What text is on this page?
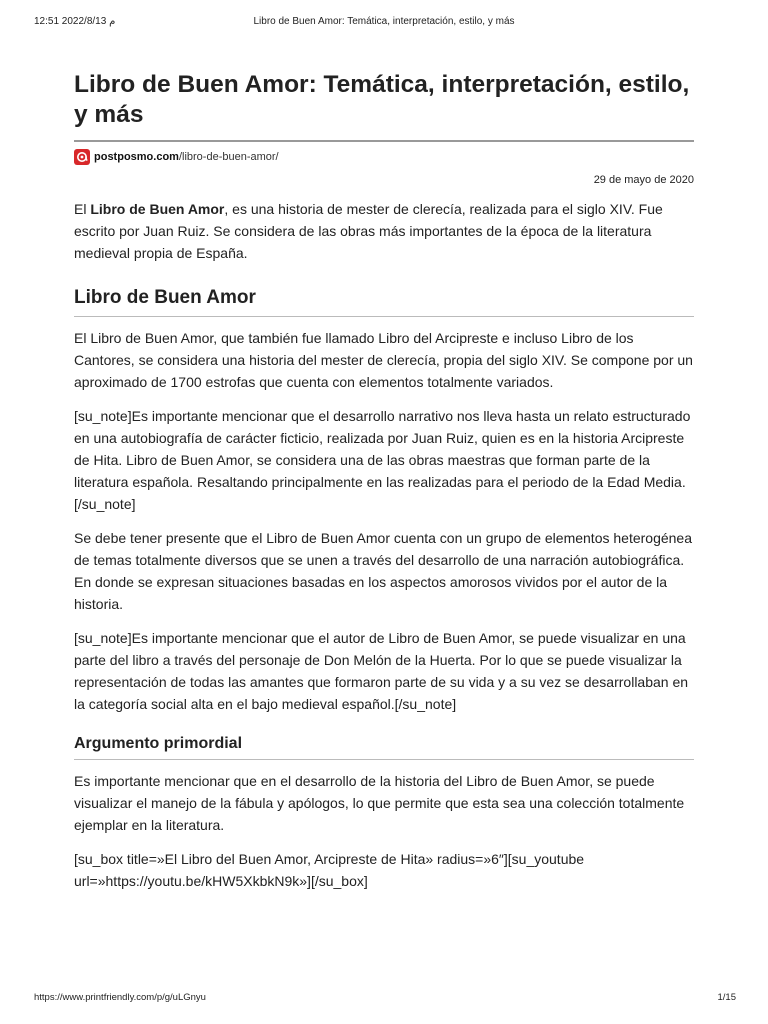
12:51 2022/8/13 م	Libro de Buen Amor: Temática, interpretación, estilo, y más
Libro de Buen Amor: Temática, interpretación, estilo, y más
postposmo.com/libro-de-buen-amor/
29 de mayo de 2020

El Libro de Buen Amor, es una historia de mester de clerecía, realizada para el siglo XIV. Fue escrito por Juan Ruiz. Se considera de las obras más importantes de la época de la literatura medieval propia de España.

Libro de Buen Amor

El Libro de Buen Amor, que también fue llamado Libro del Arcipreste e incluso Libro de los Cantores, se considera una historia del mester de clerecía, propia del siglo XIV. Se compone por un aproximado de 1700 estrofas que cuenta con elementos totalmente variados.

[su_note]Es importante mencionar que el desarrollo narrativo nos lleva hasta un relato estructurado en una autobiografía de carácter ficticio, realizada por Juan Ruiz, quien es en la historia Arcipreste de Hita. Libro de Buen Amor, se considera una de las obras maestras que forman parte de la literatura española. Resaltando principalmente en las realizadas para el periodo de la Edad Media.[/su_note]

Se debe tener presente que el Libro de Buen Amor cuenta con un grupo de elementos heterogénea de temas totalmente diversos que se unen a través del desarrollo de una narración autobiográfica. En donde se expresan situaciones basadas en los aspectos amorosos vividos por el autor de la historia.

[su_note]Es importante mencionar que el autor de Libro de Buen Amor, se puede visualizar en una parte del libro a través del personaje de Don Melón de la Huerta. Por lo que se puede visualizar la representación de todas las amantes que formaron parte de su vida y a su vez se desarrollaban en la categoría social alta en el bajo medieval español.[/su_note]

Argumento primordial

Es importante mencionar que en el desarrollo de la historia del Libro de Buen Amor, se puede visualizar el manejo de la fábula y apólogos, lo que permite que esta sea una colección totalmente ejemplar en la literatura.

[su_box title=»El Libro del Buen Amor, Arcipreste de Hita» radius=»6″][su_youtube url=»https://youtu.be/kHW5XkbkN9k»][/su_box]

https://www.printfriendly.com/p/g/uLGnyu	1/15
